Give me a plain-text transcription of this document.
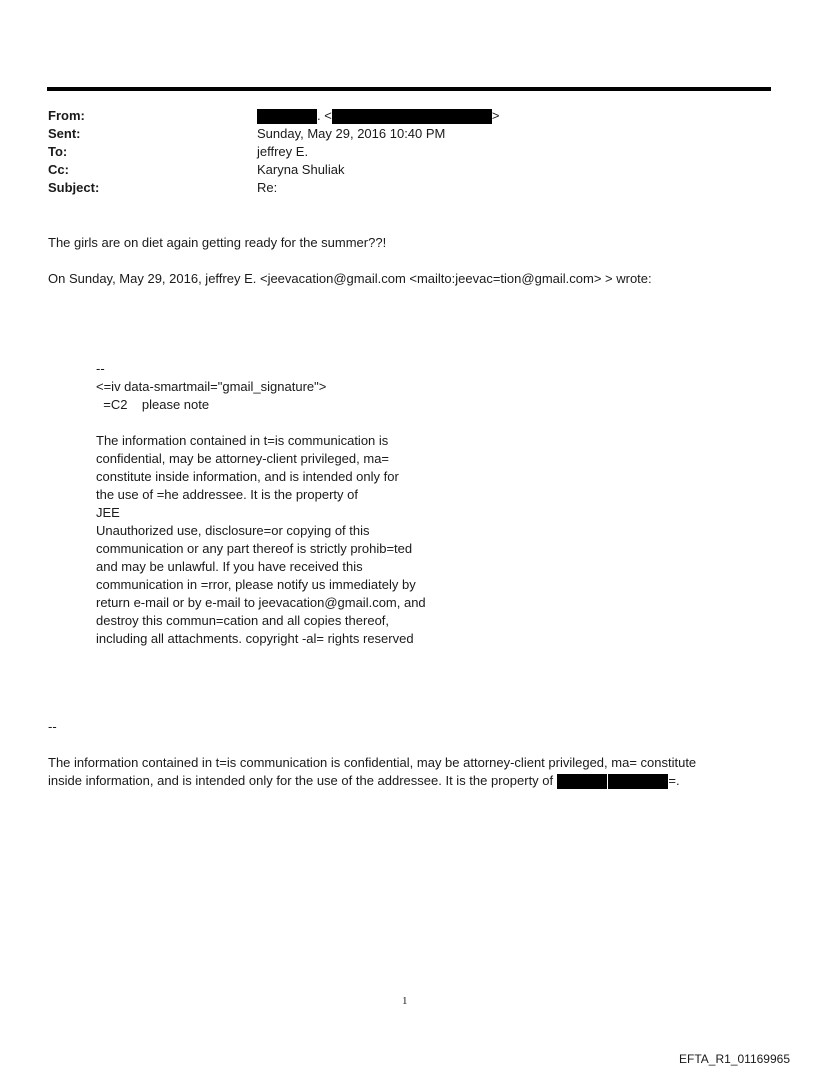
From:	. <	>
Sent:	Sunday, May 29, 2016 10:40 PM
To:	jeffrey E.
Cc:	Karyna Shuliak
Subject:	Re:
The girls are on diet again getting ready for the summer??!
On Sunday, May 29, 2016, jeffrey E. <jeevacation@gmail.com <mailto:jeevac=tion@gmail.com> > wrote:
--
<=iv data-smartmail="gmail_signature">
=C2    please note
The information contained in t=is communication is
confidential, may be attorney-client privileged, ma=
constitute inside information, and is intended only for
the use of =he addressee. It is the property of
JEE
Unauthorized use, disclosure=or copying of this
communication or any part thereof is strictly prohib=ted
and may be unlawful. If you have received this
communication in =rror, please notify us immediately by
return e-mail or by e-mail to jeevacation@gmail.com, and
destroy this commun=cation and all copies thereof,
including all attachments. copyright -al= rights reserved
--
The information contained in t=is communication is confidential, may be attorney-client privileged, ma= constitute
inside information, and is intended only for the use of the addressee. It is the property of	=.
1
EFTA_R1_01169965
